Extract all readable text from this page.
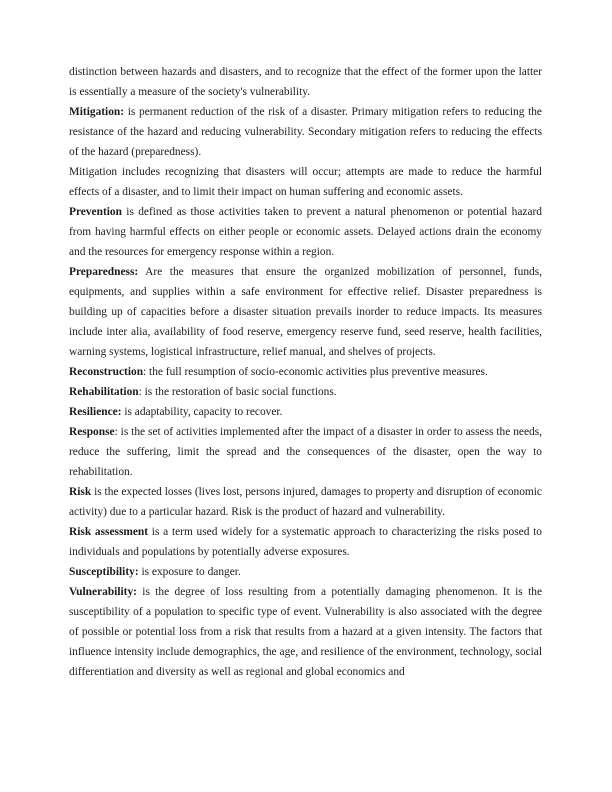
distinction between hazards and disasters, and to recognize that the effect of the former upon the latter is essentially a measure of the society's vulnerability.

Mitigation: is permanent reduction of the risk of a disaster. Primary mitigation refers to reducing the resistance of the hazard and reducing vulnerability. Secondary mitigation refers to reducing the effects of the hazard (preparedness).

Mitigation includes recognizing that disasters will occur; attempts are made to reduce the harmful effects of a disaster, and to limit their impact on human suffering and economic assets.

Prevention is defined as those activities taken to prevent a natural phenomenon or potential hazard from having harmful effects on either people or economic assets. Delayed actions drain the economy and the resources for emergency response within a region.

Preparedness: Are the measures that ensure the organized mobilization of personnel, funds, equipments, and supplies within a safe environment for effective relief. Disaster preparedness is building up of capacities before a disaster situation prevails inorder to reduce impacts. Its measures include inter alia, availability of food reserve, emergency reserve fund, seed reserve, health facilities, warning systems, logistical infrastructure, relief manual, and shelves of projects.

Reconstruction: the full resumption of socio-economic activities plus preventive measures.

Rehabilitation: is the restoration of basic social functions.

Resilience: is adaptability, capacity to recover.

Response: is the set of activities implemented after the impact of a disaster in order to assess the needs, reduce the suffering, limit the spread and the consequences of the disaster, open the way to rehabilitation.

Risk is the expected losses (lives lost, persons injured, damages to property and disruption of economic activity) due to a particular hazard. Risk is the product of hazard and vulnerability.

Risk assessment is a term used widely for a systematic approach to characterizing the risks posed to individuals and populations by potentially adverse exposures.

Susceptibility: is exposure to danger.

Vulnerability: is the degree of loss resulting from a potentially damaging phenomenon. It is the susceptibility of a population to specific type of event. Vulnerability is also associated with the degree of possible or potential loss from a risk that results from a hazard at a given intensity. The factors that influence intensity include demographics, the age, and resilience of the environment, technology, social differentiation and diversity as well as regional and global economics and
